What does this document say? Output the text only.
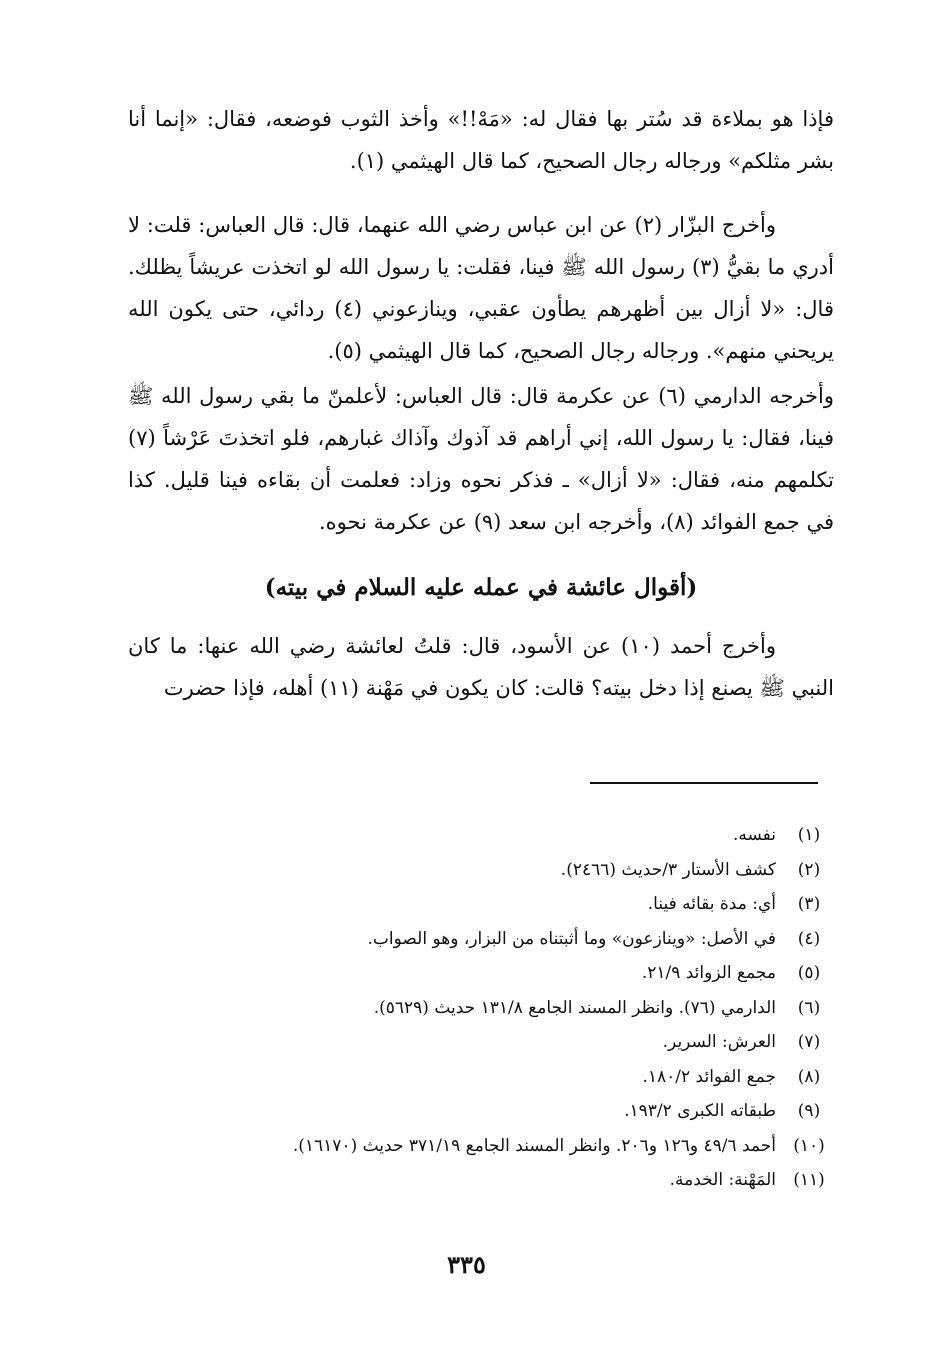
فإذا هو بملاءة قد سُتر بها فقال له: «مَهْ!!» وأخذ الثوب فوضعه، فقال: «إنما أنا بشر مثلكم» ورجاله رجال الصحيح، كما قال الهيثمي (١).

وأخرج البزّار (٢) عن ابن عباس رضي الله عنهما، قال: قال العباس: قلت: لا أدري ما بقيُّ (٣) رسول الله ﷺ فينا، فقلت: يا رسول الله لو اتخذت عريشاً يظلك. قال: «لا أزال بين أظهرهم يطأون عقبي، وينازعوني (٤) ردائي، حتى يكون الله يريحني منهم». ورجاله رجال الصحيح، كما قال الهيثمي (٥).

وأخرجه الدارمي (٦) عن عكرمة قال: قال العباس: لأعلمنّ ما بقي رسول الله ﷺ فينا، فقال: يا رسول الله، إني أراهم قد آذوك وآذاك غبارهم، فلو اتخذتَ عَرْشاً (٧) تكلمهم منه، فقال: «لا أزال» ـ فذكر نحوه وزاد: فعلمت أن بقاءه فينا قليل. كذا في جمع الفوائد (٨)، وأخرجه ابن سعد (٩) عن عكرمة نحوه.

(أقوال عائشة في عمله عليه السلام في بيته)

وأخرج أحمد (١٠) عن الأسود، قال: قلتُ لعائشة رضي الله عنها: ما كان النبي ﷺ يصنع إذا دخل بيته؟ قالت: كان يكون في مَهْنة (١١) أهله، فإذا حضرت

(١)
نفسه.
(٢)
كشف الأستار ٣/حديث (٢٤٦٦).
(٣)
أي: مدة بقائه فينا.
(٤)
في الأصل: «وينازعون» وما أثبتناه من البزار، وهو الصواب.
(٥)
مجمع الزوائد ٢١/٩.
(٦)
الدارمي (٧٦). وانظر المسند الجامع ١٣١/٨ حديث (٥٦٢٩).
(٧)
العرش: السرير.
(٨)
جمع الفوائد ١٨٠/٢.
(٩)
طبقاته الكبرى ١٩٣/٢.
(١٠)
أحمد ٤٩/٦ و١٢٦ و٢٠٦. وانظر المسند الجامع ٣٧١/١٩ حديث (١٦١٧٠).
(١١)
المَهْنة: الخدمة.
٣٣٥
